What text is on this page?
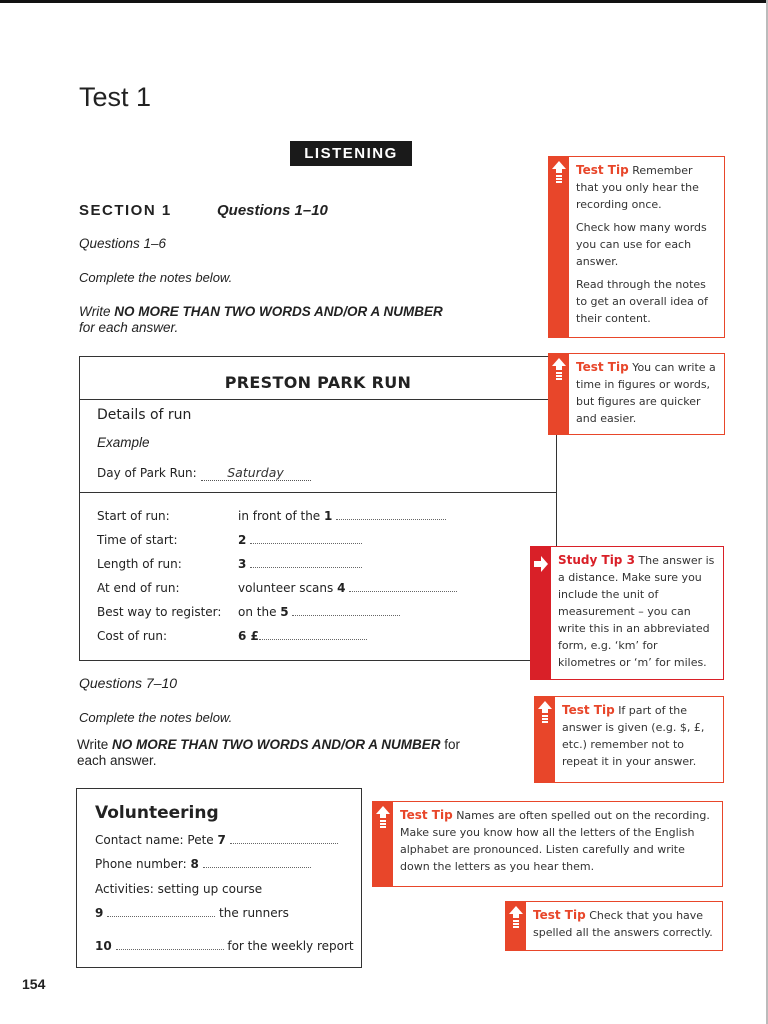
Test 1
LISTENING
SECTION 1	Questions 1–10
Questions 1–6
Complete the notes below.
Write NO MORE THAN TWO WORDS AND/OR A NUMBER
for each answer.
PRESTON PARK RUN
Details of run
Example
Day of Park Run: Saturday
Start of run:	in front of the 1
Time of start:	2
Length of run:	3
At end of run:	volunteer scans 4
Best way to register:	on the 5
Cost of run:	6 £
Questions 7–10
Complete the notes below.
Write NO MORE THAN TWO WORDS AND/OR A NUMBER for
each answer.
Volunteering
Contact name: Pete 7
Phone number: 8
Activities: setting up course
9	the runners
10	for the weekly report

Test Tip Remember that you only hear the recording once.

Check how many words you can use for each answer.

Read through the notes to get an overall idea of their content.

Test Tip You can write a time in figures or words, but figures are quicker and easier.

Study Tip 3 The answer is a distance. Make sure you include the unit of measurement – you can write this in an abbreviated form, e.g. ‘km’ for kilometres or ‘m’ for miles.

Test Tip If part of the answer is given (e.g. $, £, etc.) remember not to repeat it in your answer.

Test Tip Names are often spelled out on the recording. Make sure you know how all the letters of the English alphabet are pronounced. Listen carefully and write down the letters as you hear them.

Test Tip Check that you have spelled all the answers correctly.

154
